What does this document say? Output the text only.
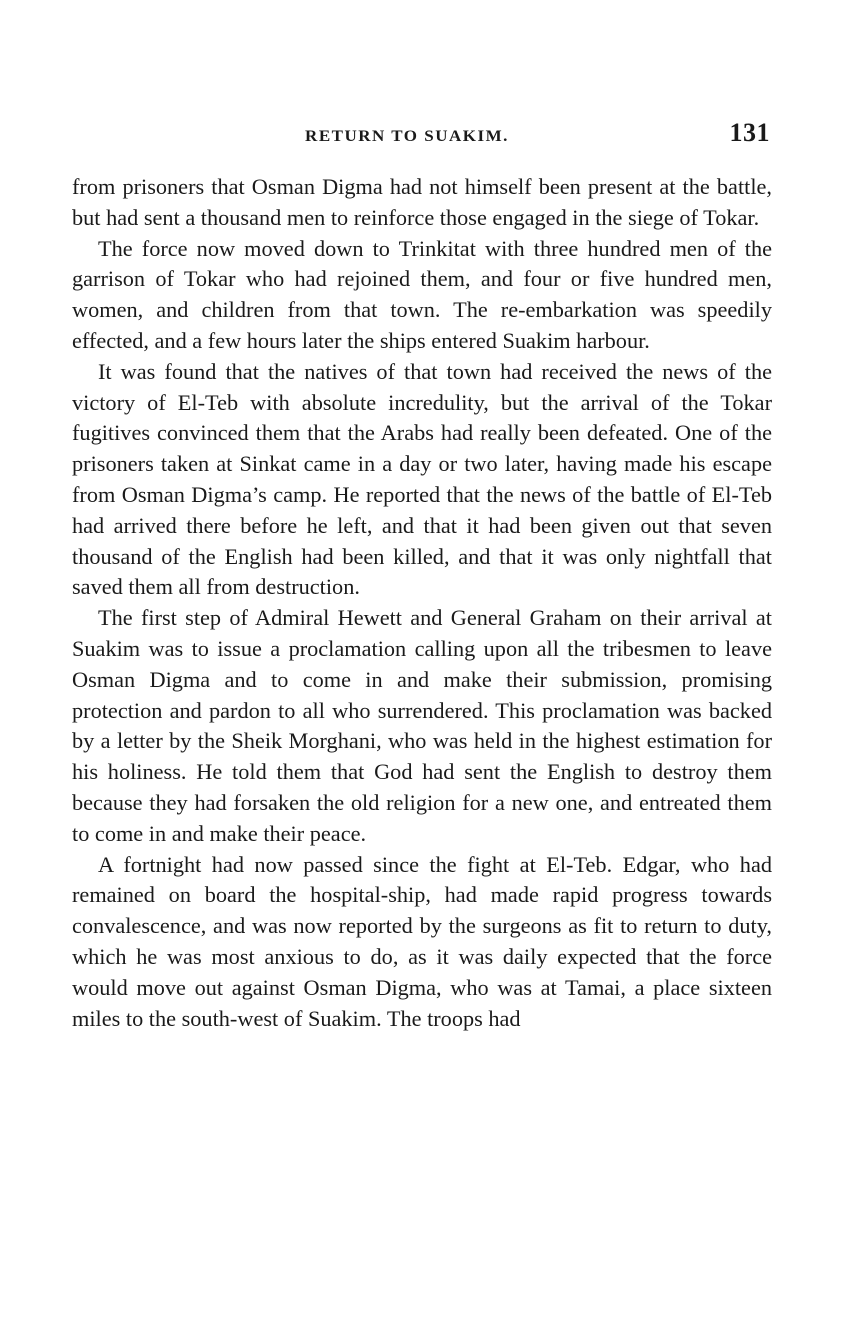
RETURN TO SUAKIM.	131

from prisoners that Osman Digma had not himself been present at the battle, but had sent a thousand men to reinforce those engaged in the siege of Tokar.

The force now moved down to Trinkitat with three hundred men of the garrison of Tokar who had rejoined them, and four or five hundred men, women, and children from that town. The re-embarkation was speedily effected, and a few hours later the ships entered Suakim harbour.

It was found that the natives of that town had received the news of the victory of El-Teb with absolute incredulity, but the arrival of the Tokar fugitives convinced them that the Arabs had really been defeated. One of the prisoners taken at Sinkat came in a day or two later, having made his escape from Osman Digma’s camp. He reported that the news of the battle of El-Teb had arrived there before he left, and that it had been given out that seven thousand of the English had been killed, and that it was only nightfall that saved them all from destruction.

The first step of Admiral Hewett and General Graham on their arrival at Suakim was to issue a proclamation calling upon all the tribesmen to leave Osman Digma and to come in and make their submission, promising protection and pardon to all who surrendered. This proclamation was backed by a letter by the Sheik Morghani, who was held in the highest estimation for his holiness. He told them that God had sent the English to destroy them because they had forsaken the old religion for a new one, and entreated them to come in and make their peace.

A fortnight had now passed since the fight at El-Teb. Edgar, who had remained on board the hospital-ship, had made rapid progress towards convalescence, and was now reported by the surgeons as fit to return to duty, which he was most anxious to do, as it was daily expected that the force would move out against Osman Digma, who was at Tamai, a place sixteen miles to the south-west of Suakim. The troops had
